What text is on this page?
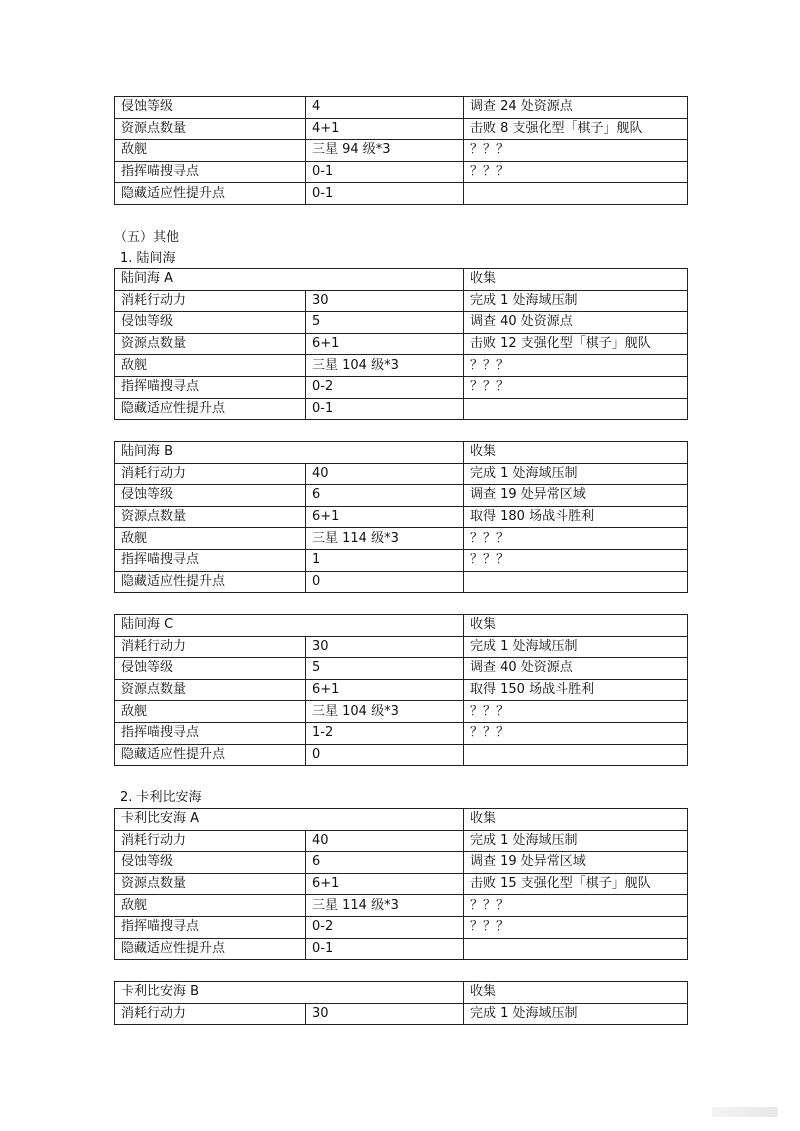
侵蚀等级	4	调查 24 处资源点
资源点数量	4+1	击败 8 支强化型「棋子」舰队
敌舰	三星 94 级*3	？？？
指挥喵搜寻点	0-1	？？？
隐藏适应性提升点	0-1	
（五）其他
1. 陆间海
陆间海 A		收集
消耗行动力	30	完成 1 处海域压制
侵蚀等级	5	调查 40 处资源点
资源点数量	6+1	击败 12 支强化型「棋子」舰队
敌舰	三星 104 级*3	？？？
指挥喵搜寻点	0-2	？？？
隐藏适应性提升点	0-1	
陆间海 B		收集
消耗行动力	40	完成 1 处海域压制
侵蚀等级	6	调查 19 处异常区域
资源点数量	6+1	取得 180 场战斗胜利
敌舰	三星 114 级*3	？？？
指挥喵搜寻点	1	？？？
隐藏适应性提升点	0	
陆间海 C		收集
消耗行动力	30	完成 1 处海域压制
侵蚀等级	5	调查 40 处资源点
资源点数量	6+1	取得 150 场战斗胜利
敌舰	三星 104 级*3	？？？
指挥喵搜寻点	1-2	？？？
隐藏适应性提升点	0	
2. 卡利比安海
卡利比安海 A		收集
消耗行动力	40	完成 1 处海域压制
侵蚀等级	6	调查 19 处异常区域
资源点数量	6+1	击败 15 支强化型「棋子」舰队
敌舰	三星 114 级*3	？？？
指挥喵搜寻点	0-2	？？？
隐藏适应性提升点	0-1	
卡利比安海 B		收集
消耗行动力	30	完成 1 处海域压制
